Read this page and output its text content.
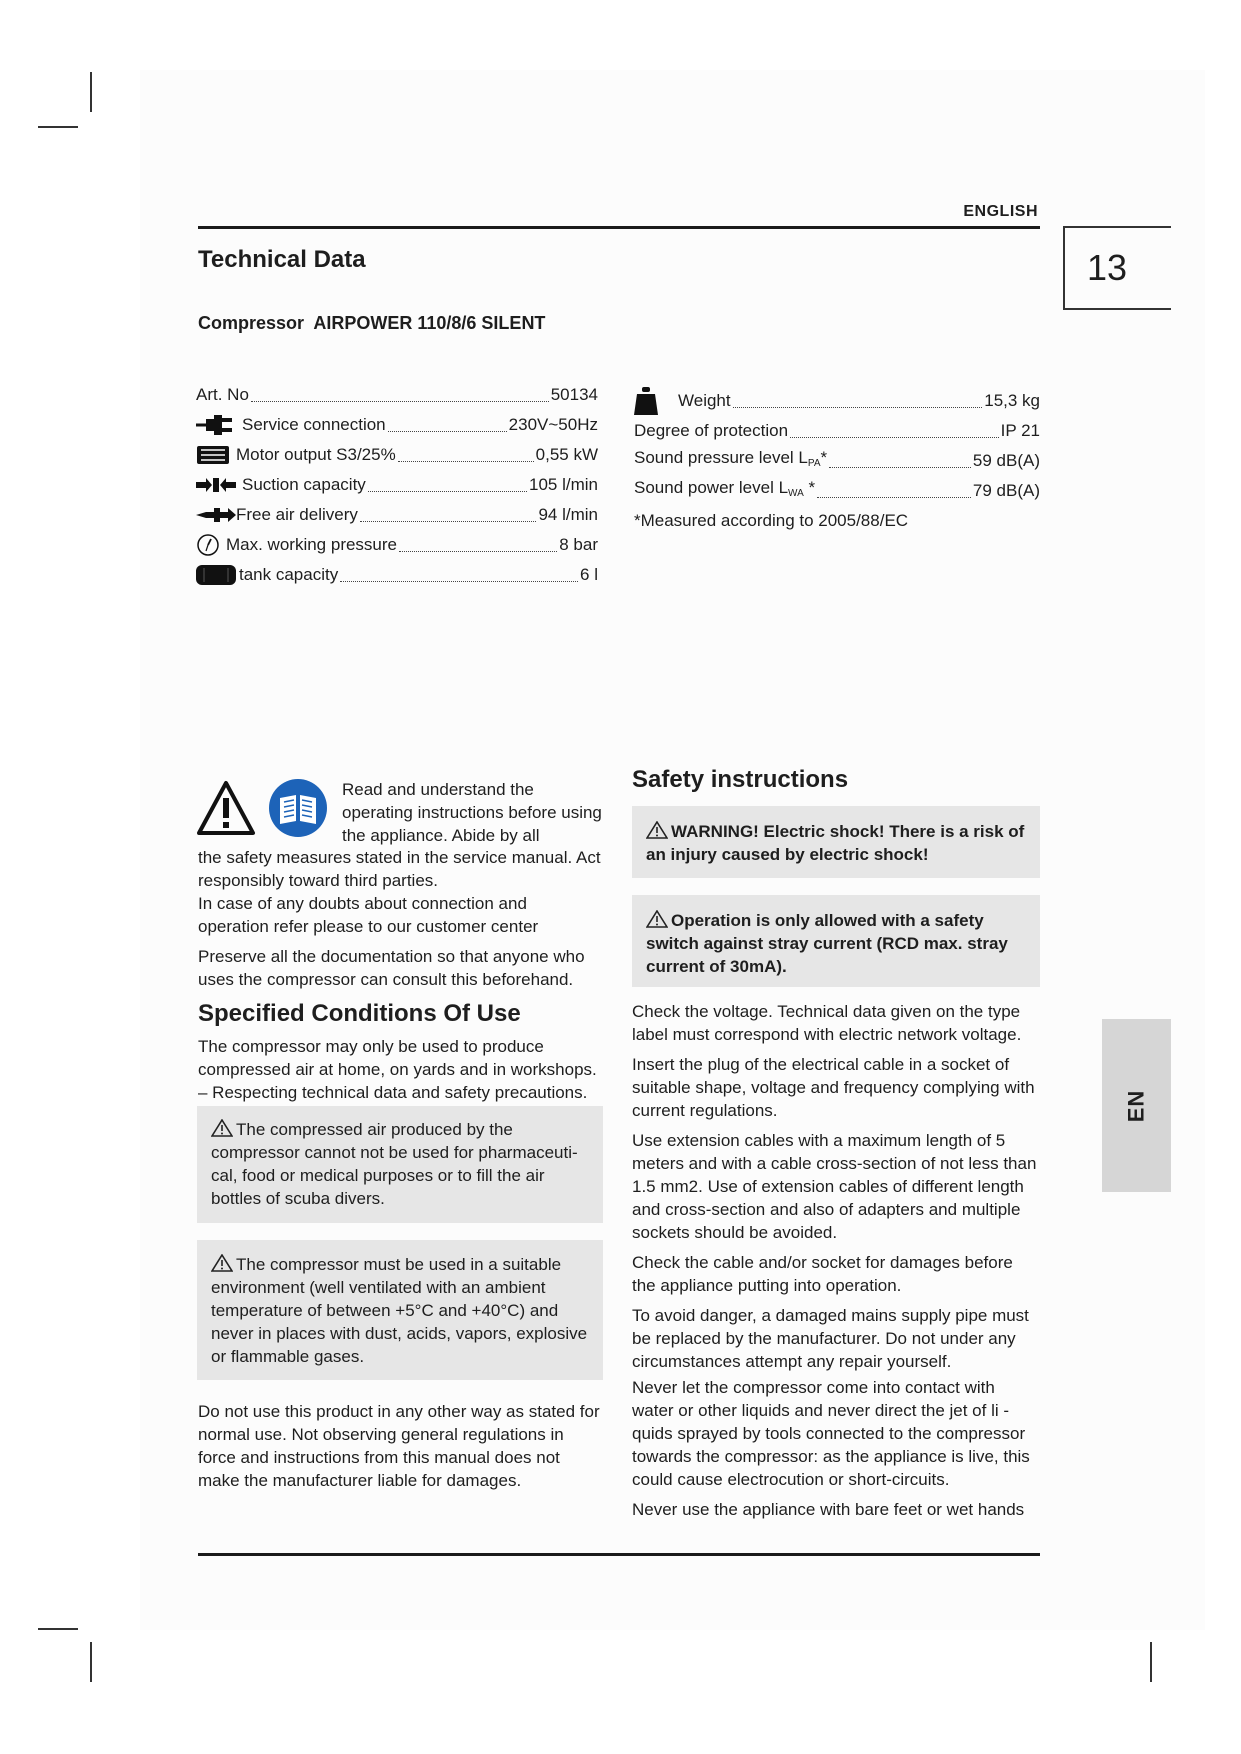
ENGLISH
13
EN
Technical Data
Compressor  AIRPOWER 110/8/6 SILENT
Art. No	50134
Service connection	230V~50Hz
Motor output S3/25%	0,55 kW
Suction capacity	105 l/min
Free air delivery	94 l/min
Max. working pressure	8 bar
tank capacity	6 l
Weight	15,3 kg
Degree of protection	IP 21
Sound pressure level $L_{PA}*$	59 dB(A)
Sound power level $L_{WA}$ *	79 dB(A)
*Measured according to 2005/88/EC
Read and understand the operating instructions before using the appliance. Abide by all
the safety measures stated in the service manual. Act responsibly toward third parties.
In case of any doubts about connection and operation refer please to our customer center
Preserve all the documentation so that anyone who uses the compressor can consult this beforehand.
Specified Conditions Of Use
The compressor may only be used to produce compressed air at home, on yards and in workshops. – Respecting technical data and safety precautions.
The compressed air produced by the compressor cannot not be used for pharmaceuti-cal, food or medical purposes or to fill the air bottles of scuba divers.
The compressor must be used in a suitable environment (well ventilated with an ambient temperature of between +5°C and +40°C) and never in places with dust, acids, vapors, explosive or flammable gases.
Do not use this product in any other way as stated for normal use. Not observing general regulations in force and instructions from this manual does not make the manufacturer liable for damages.
Safety instructions
WARNING! Electric shock! There is a risk of an injury caused by electric shock!
Operation is only allowed with a safety switch against stray current (RCD max. stray current of 30mA).

Check the voltage. Technical data given on the type label must correspond with electric network voltage.

Insert the plug of the electrical cable in a socket of suitable shape, voltage and frequency complying with current regulations.

Use extension cables with a maximum length of 5 meters and with a cable cross-section of not less than 1.5 mm2. Use of extension cables of different length and cross-section and also of adapters and multiple sockets should be avoided.

Check the cable and/or socket for damages before the appliance putting into operation.

To avoid danger, a damaged mains supply pipe must be replaced by the manufacturer. Do not under any circumstances attempt any repair yourself.

Never let the compressor come into contact with water or other liquids and never direct the jet of li - quids sprayed by tools connected to the compressor towards the compressor: as the appliance is live, this could cause electrocution or short-circuits.

Never use the appliance with bare feet or wet hands
